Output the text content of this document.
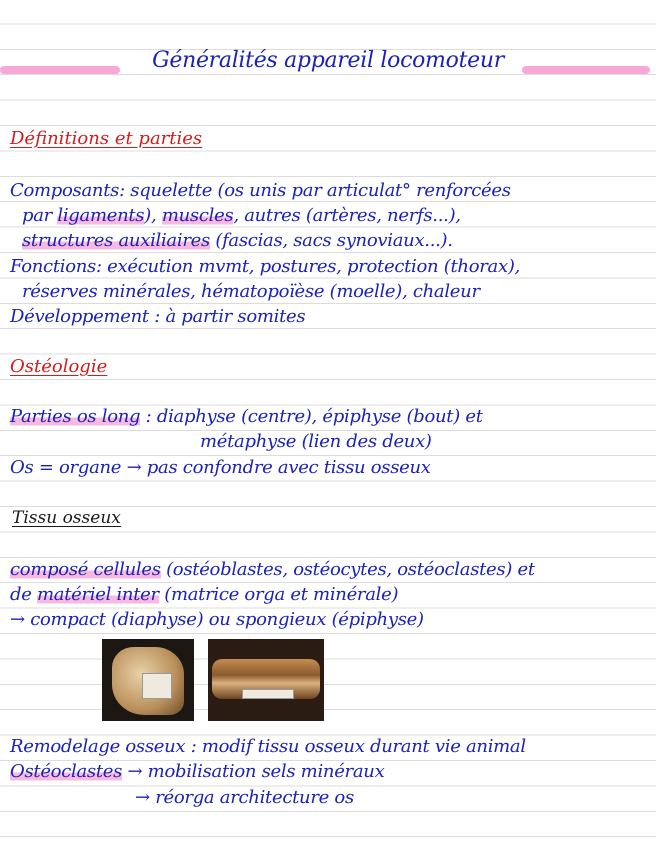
Généralités appareil locomoteur
Définitions et parties
Composants: squelette (os unis par articulat° renforcées
par ligaments), muscles, autres (artères, nerfs...),
structures auxiliaires (fascias, sacs synoviaux...).
Fonctions: exécution mvmt, postures, protection (thorax),
réserves minérales, hématopoïèse (moelle), chaleur
Développement : à partir somites
Ostéologie
Parties os long : diaphyse (centre), épiphyse (bout) et
métaphyse (lien des deux)
Os = organe → pas confondre avec tissu osseux
Tissu osseux
composé cellules (ostéoblastes, ostéocytes, ostéoclastes) et
de matériel inter (matrice orga et minérale)
→ compact (diaphyse) ou spongieux (épiphyse)
Remodelage osseux : modif tissu osseux durant vie animal
Ostéoclastes → mobilisation sels minéraux
→ réorga architecture os
